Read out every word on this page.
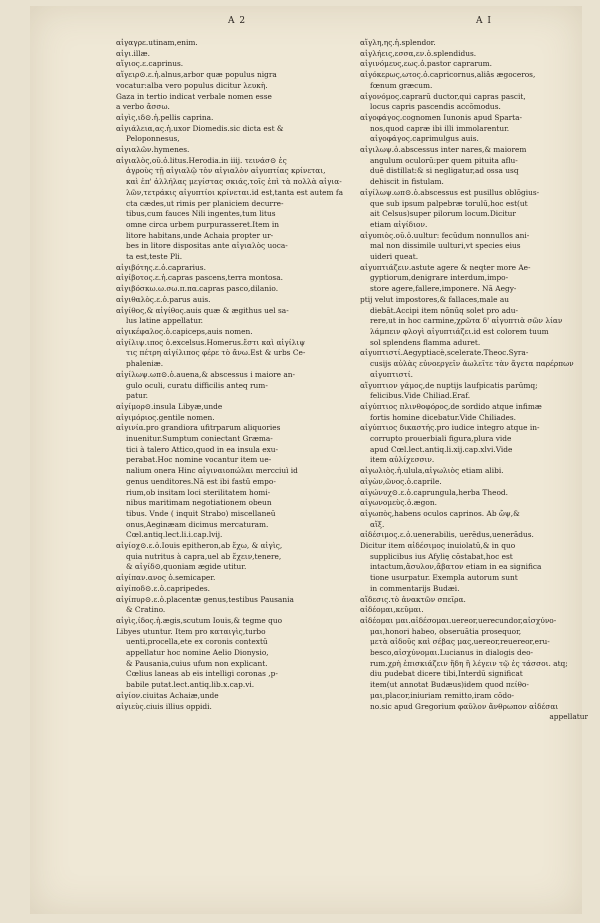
A 2	A I
αἰγαγρε.utinam,enim.
αἰγι.illæ.
αἴγιος.ε.caprinus.
αἴγειρ⊙.ε.ἡ.alnus,arbor quæ populus nigra
vocatur:alba vero populus dicitur λευκὴ.
Gaza in tertio indicat verbale nomen esse
a verbo ἄσσω.
αἰγὶς,ιδ⊙.ἡ.pellis caprina.
αἰγιάλεια,ας.ἡ.uxor Diomedis.sic dicta est &
Peloponnesus,
αἰγιαλῶν.hymenes.
αἰγιαλὸς,οῦ.ὁ.litus.Herodia.in iiij. τεινάσ⊙ ἐς
ἀγροὺς τῇ αἰγιαλῷ τὸν αἰγιαλὸν αἰγυπτίας κρίνεται,
καὶ ἐπ' ἀλλήλας μεγίστας σκιάς,τοῖς ἐπὶ τὰ πολλὰ αἰγια-
λῶν,τετράκις αἰγυπτίοι κρίνεται.id est,tanta est autem fa
cta cædes,ut rimis per planiciem decurre-
tibus,cum fauces Nili ingentes,tum litus
omne circa urbem purpurasseret.Item in
litore habitans,unde Achaia propter ur-
bes in litore dispositas ante αἰγιαλὸς uoca-
ta est,teste Pli.
αἰγιβότης.ε.ὁ.caprarius.
αἰγίβοτος.ε.ἡ.capras pascens,terra montosa.
αἰγιβόσκω.ω.σω.π.πα.capras pasco,dilanio.
αἰγιθαλὸς.ε.ὁ.parus auis.
αἰγίθος,& αἰγίθος.auis quæ & ægithus uel sa-
lus latine appellatur.
αἰγικέφαλος.ὁ.capiceps,auis nomen.
αἰγίλιψ.ιπος ὁ.excelsus.Homerus.ἔστι καὶ αἰγίλιψ
τις πέτρη αἰγίλιπος φέρε τὸ ἄνω.Est & urbs Ce-
phaleniæ.
αἰγίλωψ.ωπ⊙.ὁ.auena,& abscessus i maiore an-
gulo oculi, curatu difficilis anteq rum-
patur.
αἰγίμορ⊙.insula Libyæ,unde
αἰγιμόριος.gentile nomen.
αἰγινία.pro grandiora ufitrparum aliquories
inuenitur.Sumptum coniectant Græma-
tici à talero Attico,quod in ea insula exu-
perabat.Hoc nomine vocantur item ue-
nalium onera Hinc αἰγιναιοπώλαι mercciuì id
genus uenditores.Nā est ibi fastū empo-
rium,ob insitam loci sterilitatem homi-
nibus maritimam negotiationem obeun
tibus. Vnde ( inquit Strabo) miscellaneū
onus,Aeginæam dicimus mercaturam.
Cœl.antiq.lect.li.i.cap.lvij.
αἰγίοχ⊙.ε.ὁ.Iouis epitheron,ab ἔχω, & αἰγὶς,
quia nutritus à capra,uel ab ἔχειν,tenere,
& αἰγίδ⊙,quoniam ægide utitur.
αἰγίπαν.ανος ὁ.semicaper.
αἰγίποδ⊙.ε.ὁ.capripedes.
αἰγίπυρ⊙.ε.ὁ.placentæ genus,testibus Pausania
& Cratino.
αἰγὶς,ίδος.ἡ.ægis,scutum Iouis,& tegme quo
Libyes utuntur. Item pro καταιγὶς,turbo
uenti,procella,ete ex coronis contextū
appellatur hoc nomine Aelio Dionysio,
& Pausania,cuius ufum non explicant.
Cœlius laneas ab eis intelligi coronas ,p-
babile putat.lect.antiq.lib.x.cap.vi.
αἰγίον.ciuitas Achaiæ,unde
αἰγιεὺς.ciuis illius oppidi.
αἴγλη,ης.ἡ.splendor.
αἰγλήεις,εσσα,εν.ὁ.splendidus.
αἰγινόμευς,εως.ὁ.pastor caprarum.
αἰγόκερως,ωτος.ὁ.capricornus,aliâs ægoceros,
fœnum græcum.
αἰγονόμος.caprarū ductor,qui capras pascit,
locus capris pascendis accōmodus.
αἰγοφάγος.cognomen Iunonis apud Sparta-
nos,quod capræ ibi illi immolarentur.
αἰγοφάγος.caprimulgus auis.
αἰγιλωψ.ὁ.abscessus inter nares,& maiorem
angulum oculorū:per quem pituita aflu-
duē distillat:& si negligatur,ad ossa usq
dehiscit in fistulam.
αἰγίλωψ.ωπ⊙.ὁ.abscessus est pusillus oblōgius-
que sub ipsum palpebræ torulū,hoc est(ut
ait Celsus)super pilorum locum.Dicitur
etiam αἰγίδιον.
αἰγυπιὸς.οῦ.ὁ.uultur: fecūdum nonnullos ani-
mal non dissimile uulturi,vt species eius
uideri queat.
αἰγυπτιάζειν.astute agere & neqter more Ae-
gyptiorum,denigrare interdum,impo-
store agere,fallere,imponere. Nā Aegy-
ptij velut impostores,& fallaces,male au
diebāt.Accipi item nōnūq solet pro adu-
rere,ut in hoc carmine,χρῶτα δ' αἰγυπτιὰ σῶν λίαν
λάμπειν φλογὶ αἰγυπτιάζει.id est colorem tuum
sol splendens flamma aduret.
αἰγυπτιστί.Aegyptiacè,scelerate.Theoc.Syra-
cusijs αὐλὰς εὐνοεργεῖν ἀωλεῖτε τὰν ἄγετα παρέρπων
αἰγυπτιστί.
αἴγυπτιον γάμος,de nuptijs laufpicatis parūmq;
felicibus.Vide Chiliad.Eraf.
αἰγύπτιος πλινθοφόρος,de sordido atque infimæ
fortis homine dicebatur.Vide Chiliades.
αἰγύπτιος δικαστής.pro iudice integro atque in-
corrupto prouerbiali figura,plura vide
apud Cœl.lect.antiq.li.xij.cap.xlvi.Vide
item αὐλίχεσσιν.
αἰγωλιὸς.ἡ.ulula,αἰγωλιὸς etiam alibi.
αἰγὼν,ῶνος.ὁ.caprile.
αἰγώνυχ⊙.ε.ὁ.caprungula,herba Theod.
αἰγωνομεὺς.ὁ.ægon.
αἰγωπὸς,habens oculos caprinos. Ab ὤψ,&
αἴξ.
αἰδέσιμος.ε.ὁ.uenerabilis, uerēdus,uenerādus.
Dicitur item αἰδέσιμος inuiolatū,& in quo
supplicibus ius Afylię cōstabat,hoc est
intactum,ἄσυλον,ἄβατον etiam in ea significa
tione usurpatur. Exempla autorum sunt
in commentarijs Budæi.
αἴδεσις.τὸ ἀνακτῶν σπεῖρα.
αἰδέομαι,κεῦμαι.
αἰδέομαι μαι.αἰδέσομαι.uereor,uerecundor,αἰσχύνο-
μαι,honori habeo, obseruātia prosequor,
μετὰ αἰδοῦς καὶ σέβας μας,uereor,reuereor,eru-
besco,αἰσχύνομαι.Lucianus in dialogis deo-
rum.χρὴ ἐπισκιάζειν ἤδη ἢ λέγειν τῷ ἐς τάσσοι. atq;
diu pudebat dicere tibi,Interdū significat
item(ut annotat Budæus)idem quod πείθο-
μαι,placor,iniuriam remitto,iram cōdo-
no.sic apud Gregorium φαῦλον ἄνθρωπον αἰδέσαι
appellatur
